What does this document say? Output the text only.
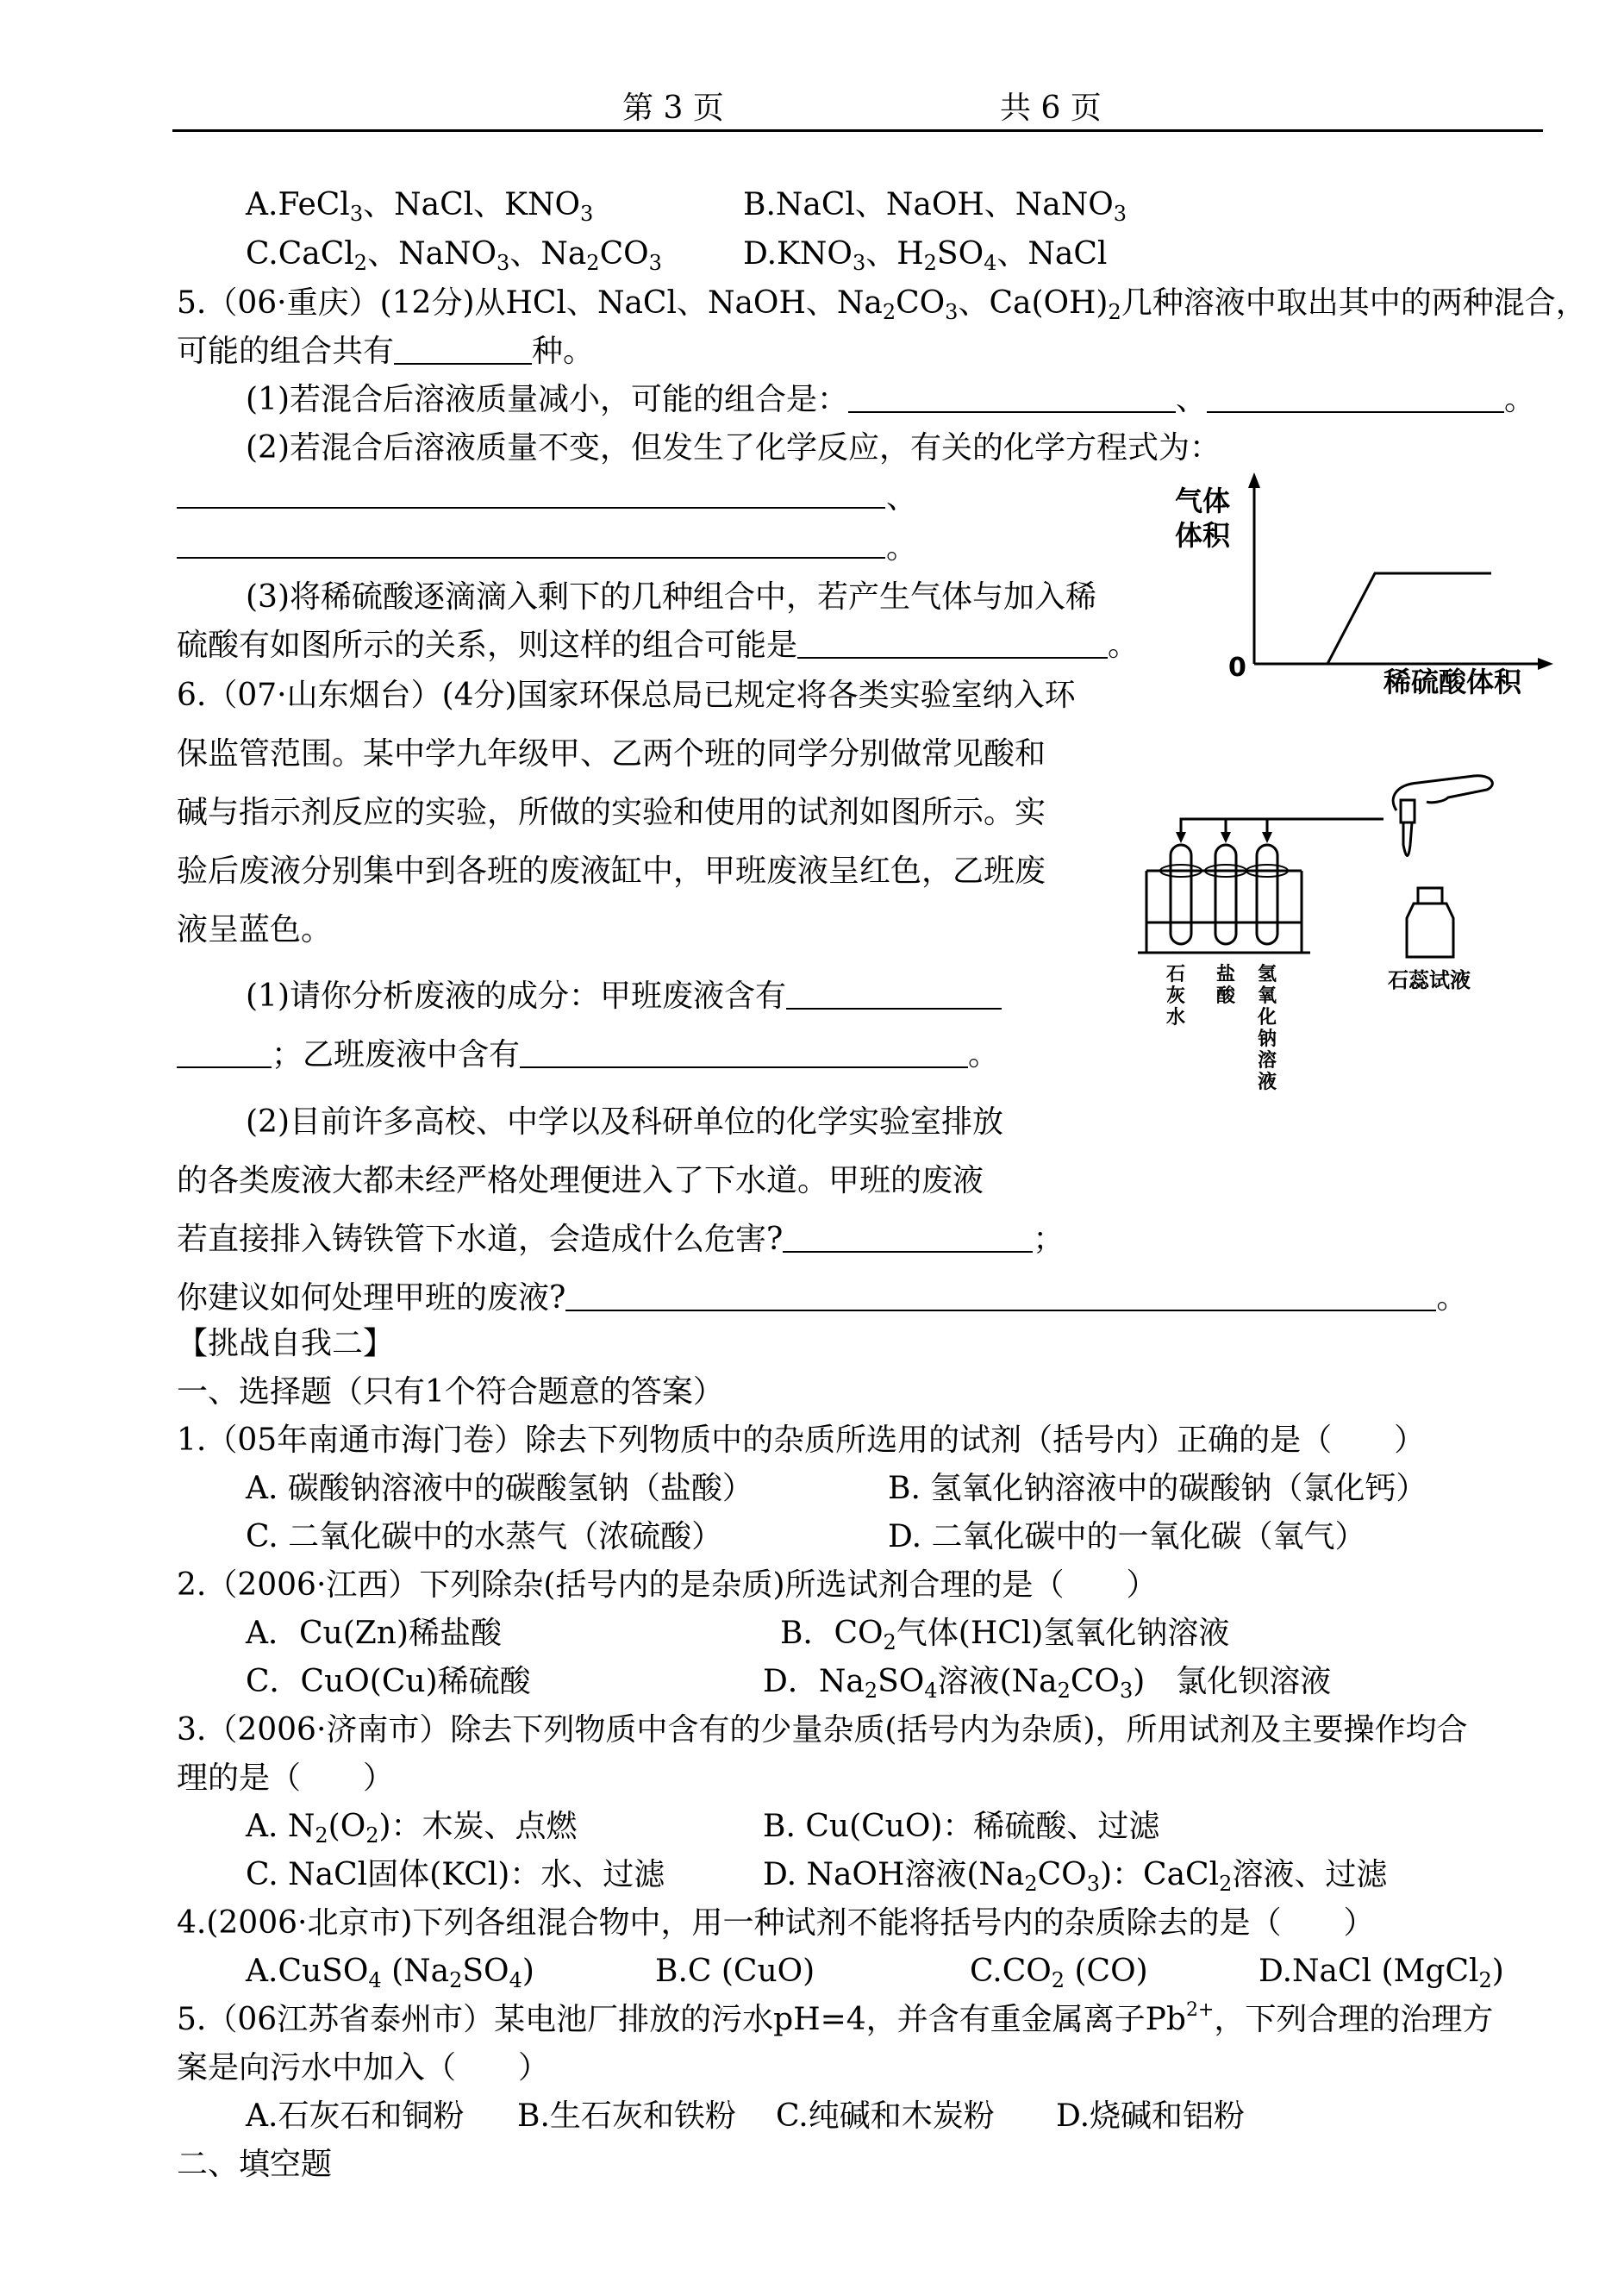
第 3 页	共 6 页
A.FeCl$_3$、NaCl、$KNO_3$	B.NaCl、NaOH、NaNO$_3$
C.CaCl$_2$、NaNO$_3$、$Na_2CO_3$	$D.KNO_3$、$H_2SO_4$、NaCl
5.（06·重庆）(12分)从HCl、NaCl、NaOH、$Na_2CO_3$、$Ca(OH)_2$几种溶液中取出其中的两种混合，
可能的组合共有	种。
(1)若混合后溶液质量减小，可能的组合是：	、	。
(2)若混合后溶液质量不变，但发生了化学反应，有关的化学方程式为：
、
。
(3)将稀硫酸逐滴滴入剩下的几种组合中，若产生气体与加入稀
硫酸有如图所示的关系，则这样的组合可能是	。
气体
体积
0	稀硫酸体积
6.（07·山东烟台）(4分)国家环保总局已规定将各类实验室纳入环
保监管范围。某中学九年级甲、乙两个班的同学分别做常见酸和
碱与指示剂反应的实验，所做的实验和使用的试剂如图所示。实
验后废液分别集中到各班的废液缸中，甲班废液呈红色，乙班废
液呈蓝色。
(1)请你分析废液的成分：甲班废液含有
；乙班废液中含有	。
(2)目前许多高校、中学以及科研单位的化学实验室排放
的各类废液大都未经严格处理便进入了下水道。甲班的废液
若直接排入铸铁管下水道，会造成什么危害?	；
你建议如何处理甲班的废液?	。
石灰水
盐酸
氢氧化钠溶液
石蕊试液
【挑战自我二】
一、选择题（只有1个符合题意的答案）
1.（05年南通市海门卷）除去下列物质中的杂质所选用的试剂（括号内）正确的是（　　）
A. 碳酸钠溶液中的碳酸氢钠（盐酸）	B. 氢氧化钠溶液中的碳酸钠（氯化钙）
C. 二氧化碳中的水蒸气（浓硫酸）	D. 二氧化碳中的一氧化碳（氧气）
2.（2006·江西）下列除杂(括号内的是杂质)所选试剂合理的是（　　）
A．Cu(Zn)稀盐酸	B．$CO_2$气体(HCl)氢氧化钠溶液
C．CuO(Cu)稀硫酸	D．$Na_2SO_4$溶液$(Na_2CO_3)$　氯化钡溶液
3.（2006·济南市）除去下列物质中含有的少量杂质(括号内为杂质)，所用试剂及主要操作均合
理的是（　　）
A. $N_2(O_2)$：木炭、点燃	B. Cu(CuO)：稀硫酸、过滤
C. NaCl固体(KCl)：水、过滤	D. NaOH溶液$(Na_2CO_3)$：CaCl$_2$溶液、过滤
4.(2006·北京市)下列各组混合物中，用一种试剂不能将括号内的杂质除去的是（　　）
A.CuSO$_4$ $(Na_2SO_4)$	B.C (CuO)	$C.CO_2$ (CO)	D.NaCl (MgCl$_2$)
5.（06江苏省泰州市）某电池厂排放的污水pH=4，并含有重金属离子$Pb^{2+}$，下列合理的治理方
案是向污水中加入（　　）
A.石灰石和铜粉 B.生石灰和铁粉 C.纯碱和木炭粉 D.烧碱和铝粉
二、填空题
